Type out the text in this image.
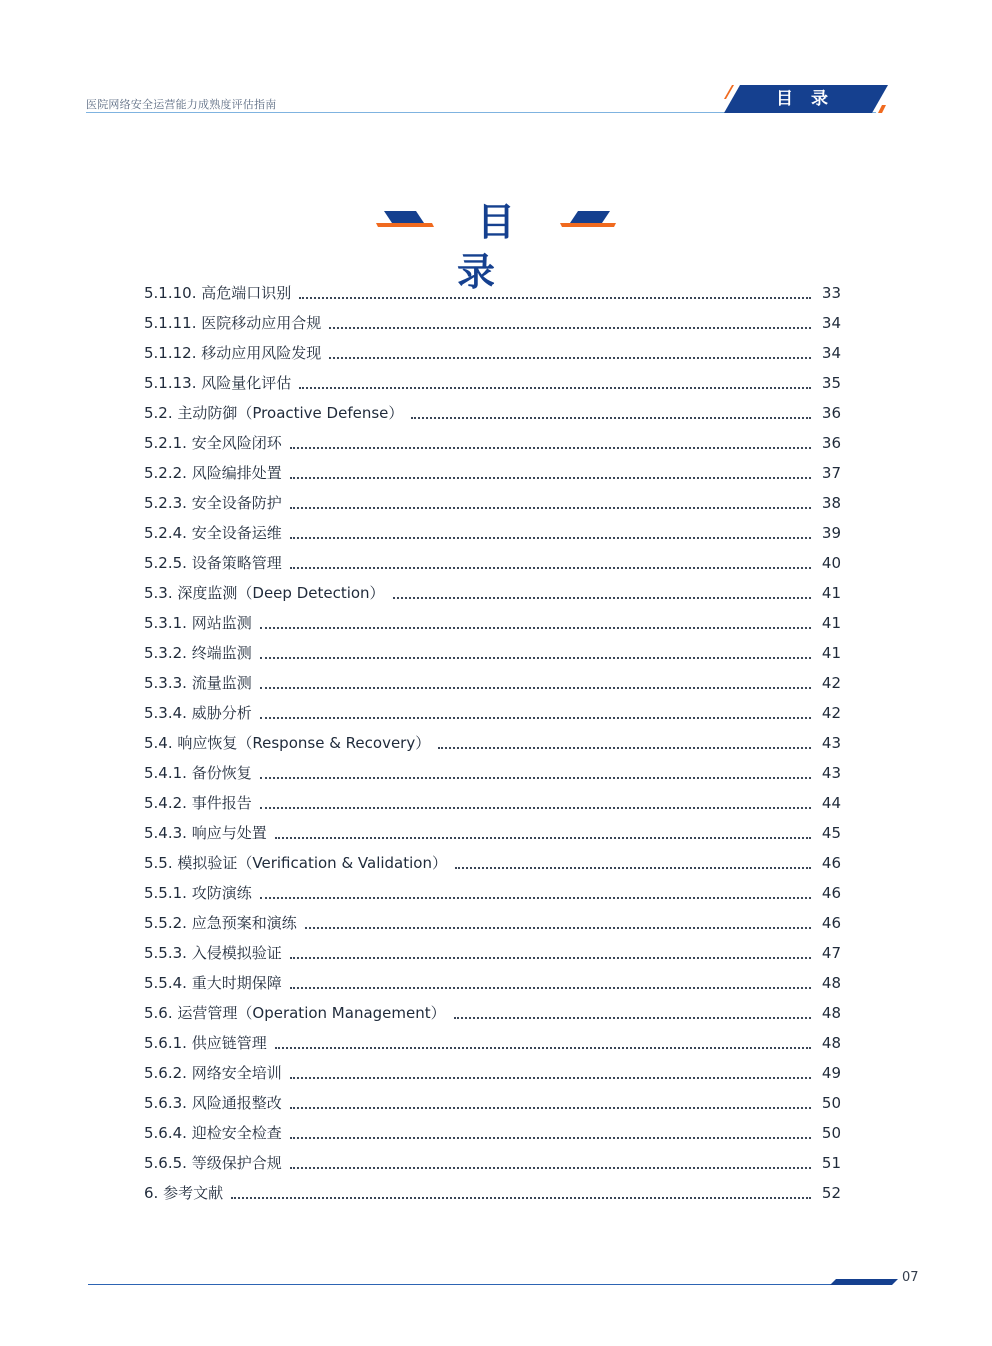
医院网络安全运营能力成熟度评估指南	目 录
目录
5.1.10. 高危端口识别	33
5.1.11. 医院移动应用合规	34
5.1.12. 移动应用风险发现	34
5.1.13. 风险量化评估	35
5.2. 主动防御（Proactive Defense）	36
5.2.1. 安全风险闭环	36
5.2.2. 风险编排处置	37
5.2.3. 安全设备防护	38
5.2.4. 安全设备运维	39
5.2.5. 设备策略管理	40
5.3. 深度监测（Deep Detection）	41
5.3.1. 网站监测	41
5.3.2. 终端监测	41
5.3.3. 流量监测	42
5.3.4. 威胁分析	42
5.4. 响应恢复（Response & Recovery）	43
5.4.1. 备份恢复	43
5.4.2. 事件报告	44
5.4.3. 响应与处置	45
5.5. 模拟验证（Verification & Validation）	46
5.5.1. 攻防演练	46
5.5.2. 应急预案和演练	46
5.5.3. 入侵模拟验证	47
5.5.4. 重大时期保障	48
5.6. 运营管理（Operation Management）	48
5.6.1. 供应链管理	48
5.6.2. 网络安全培训	49
5.6.3. 风险通报整改	50
5.6.4. 迎检安全检查	50
5.6.5. 等级保护合规	51
6. 参考文献	52
07
